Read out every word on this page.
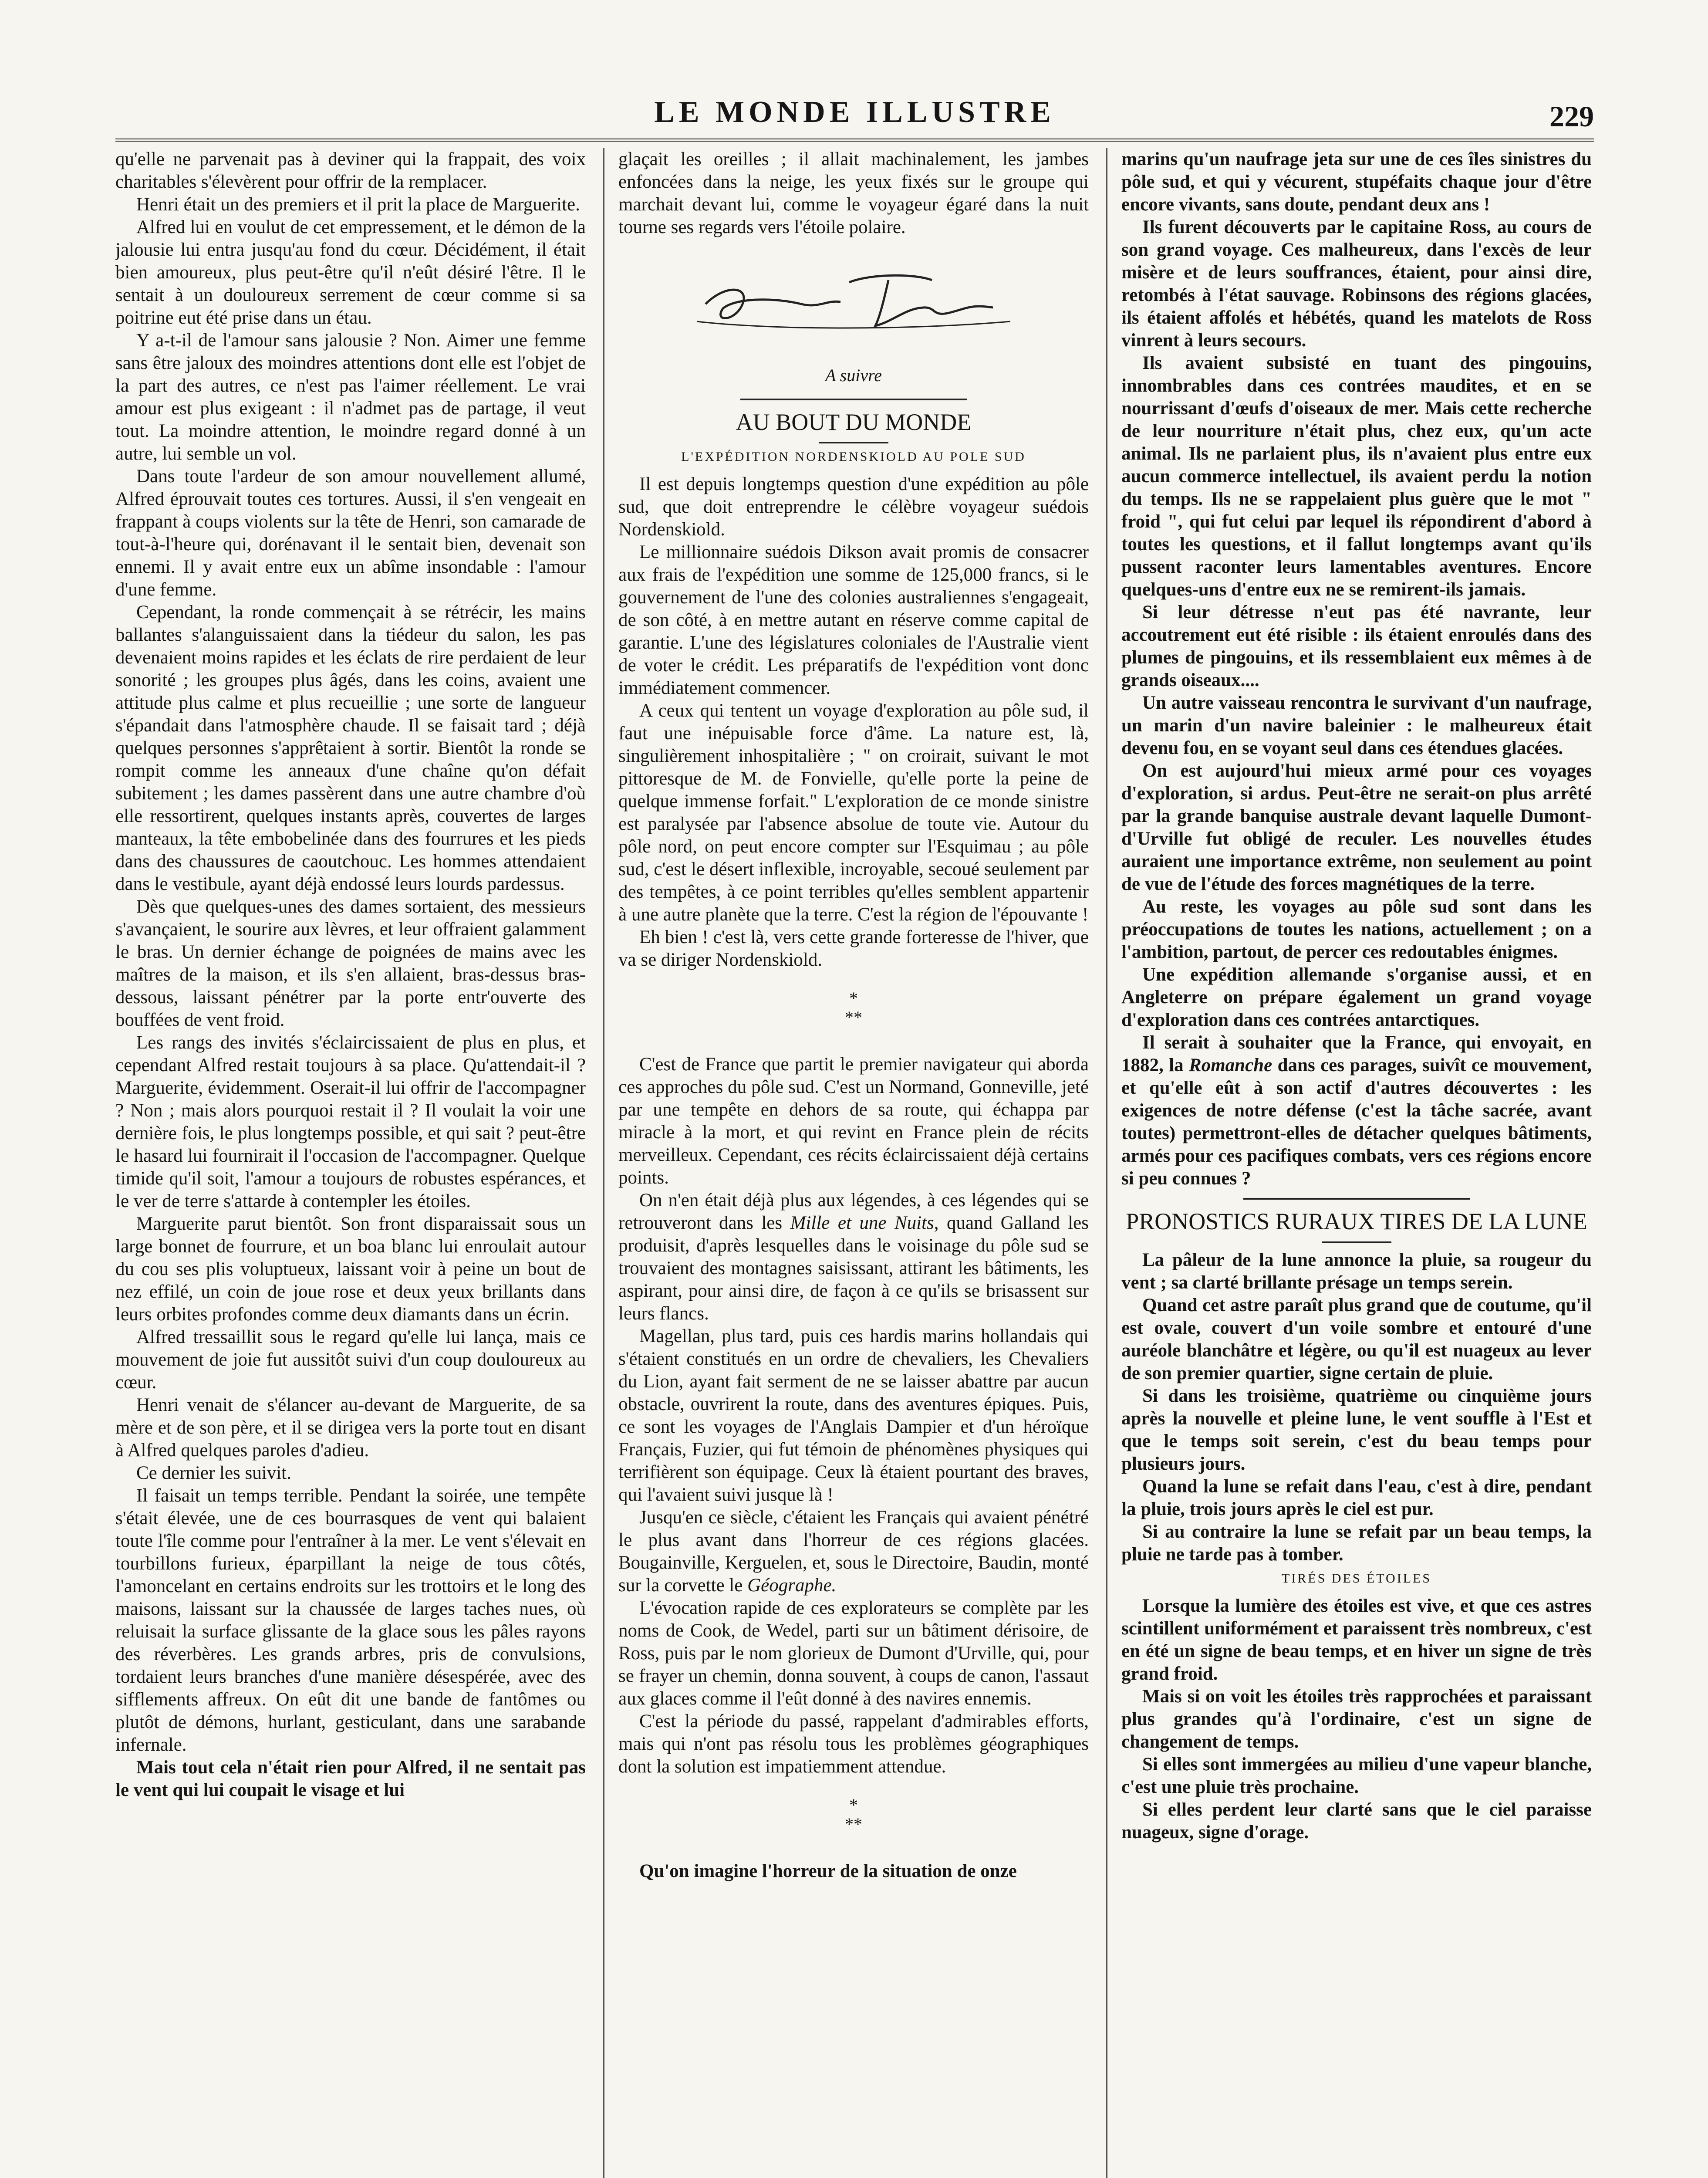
LE MONDE ILLUSTRE	229

qu'elle ne parvenait pas à deviner qui la frappait, des voix charitables s'élevèrent pour offrir de la remplacer.

Henri était un des premiers et il prit la place de Marguerite.

Alfred lui en voulut de cet empressement, et le démon de la jalousie lui entra jusqu'au fond du cœur. Décidément, il était bien amoureux, plus peut-être qu'il n'eût désiré l'être. Il le sentait à un douloureux serrement de cœur comme si sa poitrine eut été prise dans un étau.

Y a-t-il de l'amour sans jalousie ? Non. Aimer une femme sans être jaloux des moindres attentions dont elle est l'objet de la part des autres, ce n'est pas l'aimer réellement. Le vrai amour est plus exigeant : il n'admet pas de partage, il veut tout. La moindre attention, le moindre regard donné à un autre, lui semble un vol.

Dans toute l'ardeur de son amour nouvellement allumé, Alfred éprouvait toutes ces tortures. Aussi, il s'en vengeait en frappant à coups violents sur la tête de Henri, son camarade de tout-à-l'heure qui, dorénavant il le sentait bien, devenait son ennemi. Il y avait entre eux un abîme insondable : l'amour d'une femme.

Cependant, la ronde commençait à se rétrécir, les mains ballantes s'alanguissaient dans la tiédeur du salon, les pas devenaient moins rapides et les éclats de rire perdaient de leur sonorité ; les groupes plus âgés, dans les coins, avaient une attitude plus calme et plus recueillie ; une sorte de langueur s'épandait dans l'atmosphère chaude. Il se faisait tard ; déjà quelques personnes s'apprêtaient à sortir. Bientôt la ronde se rompit comme les anneaux d'une chaîne qu'on défait subitement ; les dames passèrent dans une autre chambre d'où elle ressortirent, quelques instants après, couvertes de larges manteaux, la tête embobelinée dans des fourrures et les pieds dans des chaussures de caoutchouc. Les hommes attendaient dans le vestibule, ayant déjà endossé leurs lourds pardessus.

Dès que quelques-unes des dames sortaient, des messieurs s'avançaient, le sourire aux lèvres, et leur offraient galamment le bras. Un dernier échange de poignées de mains avec les maîtres de la maison, et ils s'en allaient, bras-dessus bras-dessous, laissant pénétrer par la porte entr'ouverte des bouffées de vent froid.

Les rangs des invités s'éclaircissaient de plus en plus, et cependant Alfred restait toujours à sa place. Qu'attendait-il ? Marguerite, évidemment. Oserait-il lui offrir de l'accompagner ? Non ; mais alors pourquoi restait il ? Il voulait la voir une dernière fois, le plus longtemps possible, et qui sait ? peut-être le hasard lui fournirait il l'occasion de l'accompagner. Quelque timide qu'il soit, l'amour a toujours de robustes espérances, et le ver de terre s'attarde à contempler les étoiles.

Marguerite parut bientôt. Son front disparaissait sous un large bonnet de fourrure, et un boa blanc lui enroulait autour du cou ses plis voluptueux, laissant voir à peine un bout de nez effilé, un coin de joue rose et deux yeux brillants dans leurs orbites profondes comme deux diamants dans un écrin.

Alfred tressaillit sous le regard qu'elle lui lança, mais ce mouvement de joie fut aussitôt suivi d'un coup douloureux au cœur.

Henri venait de s'élancer au-devant de Marguerite, de sa mère et de son père, et il se dirigea vers la porte tout en disant à Alfred quelques paroles d'adieu.

Ce dernier les suivit.

Il faisait un temps terrible. Pendant la soirée, une tempête s'était élevée, une de ces bourrasques de vent qui balaient toute l'île comme pour l'entraîner à la mer. Le vent s'élevait en tourbillons furieux, éparpillant la neige de tous côtés, l'amoncelant en certains endroits sur les trottoirs et le long des maisons, laissant sur la chaussée de larges taches nues, où reluisait la surface glissante de la glace sous les pâles rayons des réverbères. Les grands arbres, pris de convulsions, tordaient leurs branches d'une manière désespérée, avec des sifflements affreux. On eût dit une bande de fantômes ou plutôt de démons, hurlant, gesticulant, dans une sarabande infernale.

Mais tout cela n'était rien pour Alfred, il ne sentait pas le vent qui lui coupait le visage et lui

glaçait les oreilles ; il allait machinalement, les jambes enfoncées dans la neige, les yeux fixés sur le groupe qui marchait devant lui, comme le voyageur égaré dans la nuit tourne ses regards vers l'étoile polaire.

A suivre
AU BOUT DU MONDE
L'EXPÉDITION NORDENSKIOLD AU POLE SUD

Il est depuis longtemps question d'une expédition au pôle sud, que doit entreprendre le célèbre voyageur suédois Nordenskiold.

Le millionnaire suédois Dikson avait promis de consacrer aux frais de l'expédition une somme de 125,000 francs, si le gouvernement de l'une des colonies australiennes s'engageait, de son côté, à en mettre autant en réserve comme capital de garantie. L'une des législatures coloniales de l'Australie vient de voter le crédit. Les préparatifs de l'expédition vont donc immédiatement commencer.

A ceux qui tentent un voyage d'exploration au pôle sud, il faut une inépuisable force d'âme. La nature est, là, singulièrement inhospitalière ; " on croirait, suivant le mot pittoresque de M. de Fonvielle, qu'elle porte la peine de quelque immense forfait." L'exploration de ce monde sinistre est paralysée par l'absence absolue de toute vie. Autour du pôle nord, on peut encore compter sur l'Esquimau ; au pôle sud, c'est le désert inflexible, incroyable, secoué seulement par des tempêtes, à ce point terribles qu'elles semblent appartenir à une autre planète que la terre. C'est la région de l'épouvante !

Eh bien ! c'est là, vers cette grande forteresse de l'hiver, que va se diriger Nordenskiold.

*
**

C'est de France que partit le premier navigateur qui aborda ces approches du pôle sud. C'est un Normand, Gonneville, jeté par une tempête en dehors de sa route, qui échappa par miracle à la mort, et qui revint en France plein de récits merveilleux. Cependant, ces récits éclaircissaient déjà certains points.

On n'en était déjà plus aux légendes, à ces légendes qui se retrouveront dans les Mille et une Nuits, quand Galland les produisit, d'après lesquelles dans le voisinage du pôle sud se trouvaient des montagnes saisissant, attirant les bâtiments, les aspirant, pour ainsi dire, de façon à ce qu'ils se brisassent sur leurs flancs.

Magellan, plus tard, puis ces hardis marins hollandais qui s'étaient constitués en un ordre de chevaliers, les Chevaliers du Lion, ayant fait serment de ne se laisser abattre par aucun obstacle, ouvrirent la route, dans des aventures épiques. Puis, ce sont les voyages de l'Anglais Dampier et d'un héroïque Français, Fuzier, qui fut témoin de phénomènes physiques qui terrifièrent son équipage. Ceux là étaient pourtant des braves, qui l'avaient suivi jusque là !

Jusqu'en ce siècle, c'étaient les Français qui avaient pénétré le plus avant dans l'horreur de ces régions glacées. Bougainville, Kerguelen, et, sous le Directoire, Baudin, monté sur la corvette le Géographe.

L'évocation rapide de ces explorateurs se complète par les noms de Cook, de Wedel, parti sur un bâtiment dérisoire, de Ross, puis par le nom glorieux de Dumont d'Urville, qui, pour se frayer un chemin, donna souvent, à coups de canon, l'assaut aux glaces comme il l'eût donné à des navires ennemis.

C'est la période du passé, rappelant d'admirables efforts, mais qui n'ont pas résolu tous les problèmes géographiques dont la solution est impatiemment attendue.

*
**

Qu'on imagine l'horreur de la situation de onze

marins qu'un naufrage jeta sur une de ces îles sinistres du pôle sud, et qui y vécurent, stupéfaits chaque jour d'être encore vivants, sans doute, pendant deux ans !

Ils furent découverts par le capitaine Ross, au cours de son grand voyage. Ces malheureux, dans l'excès de leur misère et de leurs souffrances, étaient, pour ainsi dire, retombés à l'état sauvage. Robinsons des régions glacées, ils étaient affolés et hébétés, quand les matelots de Ross vinrent à leurs secours.

Ils avaient subsisté en tuant des pingouins, innombrables dans ces contrées maudites, et en se nourrissant d'œufs d'oiseaux de mer. Mais cette recherche de leur nourriture n'était plus, chez eux, qu'un acte animal. Ils ne parlaient plus, ils n'avaient plus entre eux aucun commerce intellectuel, ils avaient perdu la notion du temps. Ils ne se rappelaient plus guère que le mot " froid ", qui fut celui par lequel ils répondirent d'abord à toutes les questions, et il fallut longtemps avant qu'ils pussent raconter leurs lamentables aventures. Encore quelques-uns d'entre eux ne se remirent-ils jamais.

Si leur détresse n'eut pas été navrante, leur accoutrement eut été risible : ils étaient enroulés dans des plumes de pingouins, et ils ressemblaient eux mêmes à de grands oiseaux....

Un autre vaisseau rencontra le survivant d'un naufrage, un marin d'un navire baleinier : le malheureux était devenu fou, en se voyant seul dans ces étendues glacées.

On est aujourd'hui mieux armé pour ces voyages d'exploration, si ardus. Peut-être ne serait-on plus arrêté par la grande banquise australe devant laquelle Dumont-d'Urville fut obligé de reculer. Les nouvelles études auraient une importance extrême, non seulement au point de vue de l'étude des forces magnétiques de la terre.

Au reste, les voyages au pôle sud sont dans les préoccupations de toutes les nations, actuellement ; on a l'ambition, partout, de percer ces redoutables énigmes.

Une expédition allemande s'organise aussi, et en Angleterre on prépare également un grand voyage d'exploration dans ces contrées antarctiques.

Il serait à souhaiter que la France, qui envoyait, en 1882, la Romanche dans ces parages, suivît ce mouvement, et qu'elle eût à son actif d'autres découvertes : les exigences de notre défense (c'est la tâche sacrée, avant toutes) permettront-elles de détacher quelques bâtiments, armés pour ces pacifiques combats, vers ces régions encore si peu connues ?

PRONOSTICS RURAUX TIRES DE LA LUNE

La pâleur de la lune annonce la pluie, sa rougeur du vent ; sa clarté brillante présage un temps serein.

Quand cet astre paraît plus grand que de coutume, qu'il est ovale, couvert d'un voile sombre et entouré d'une auréole blanchâtre et légère, ou qu'il est nuageux au lever de son premier quartier, signe certain de pluie.

Si dans les troisième, quatrième ou cinquième jours après la nouvelle et pleine lune, le vent souffle à l'Est et que le temps soit serein, c'est du beau temps pour plusieurs jours.

Quand la lune se refait dans l'eau, c'est à dire, pendant la pluie, trois jours après le ciel est pur.

Si au contraire la lune se refait par un beau temps, la pluie ne tarde pas à tomber.

TIRÉS DES ÉTOILES

Lorsque la lumière des étoiles est vive, et que ces astres scintillent uniformément et paraissent très nombreux, c'est en été un signe de beau temps, et en hiver un signe de très grand froid.

Mais si on voit les étoiles très rapprochées et paraissant plus grandes qu'à l'ordinaire, c'est un signe de changement de temps.

Si elles sont immergées au milieu d'une vapeur blanche, c'est une pluie très prochaine.

Si elles perdent leur clarté sans que le ciel paraisse nuageux, signe d'orage.
